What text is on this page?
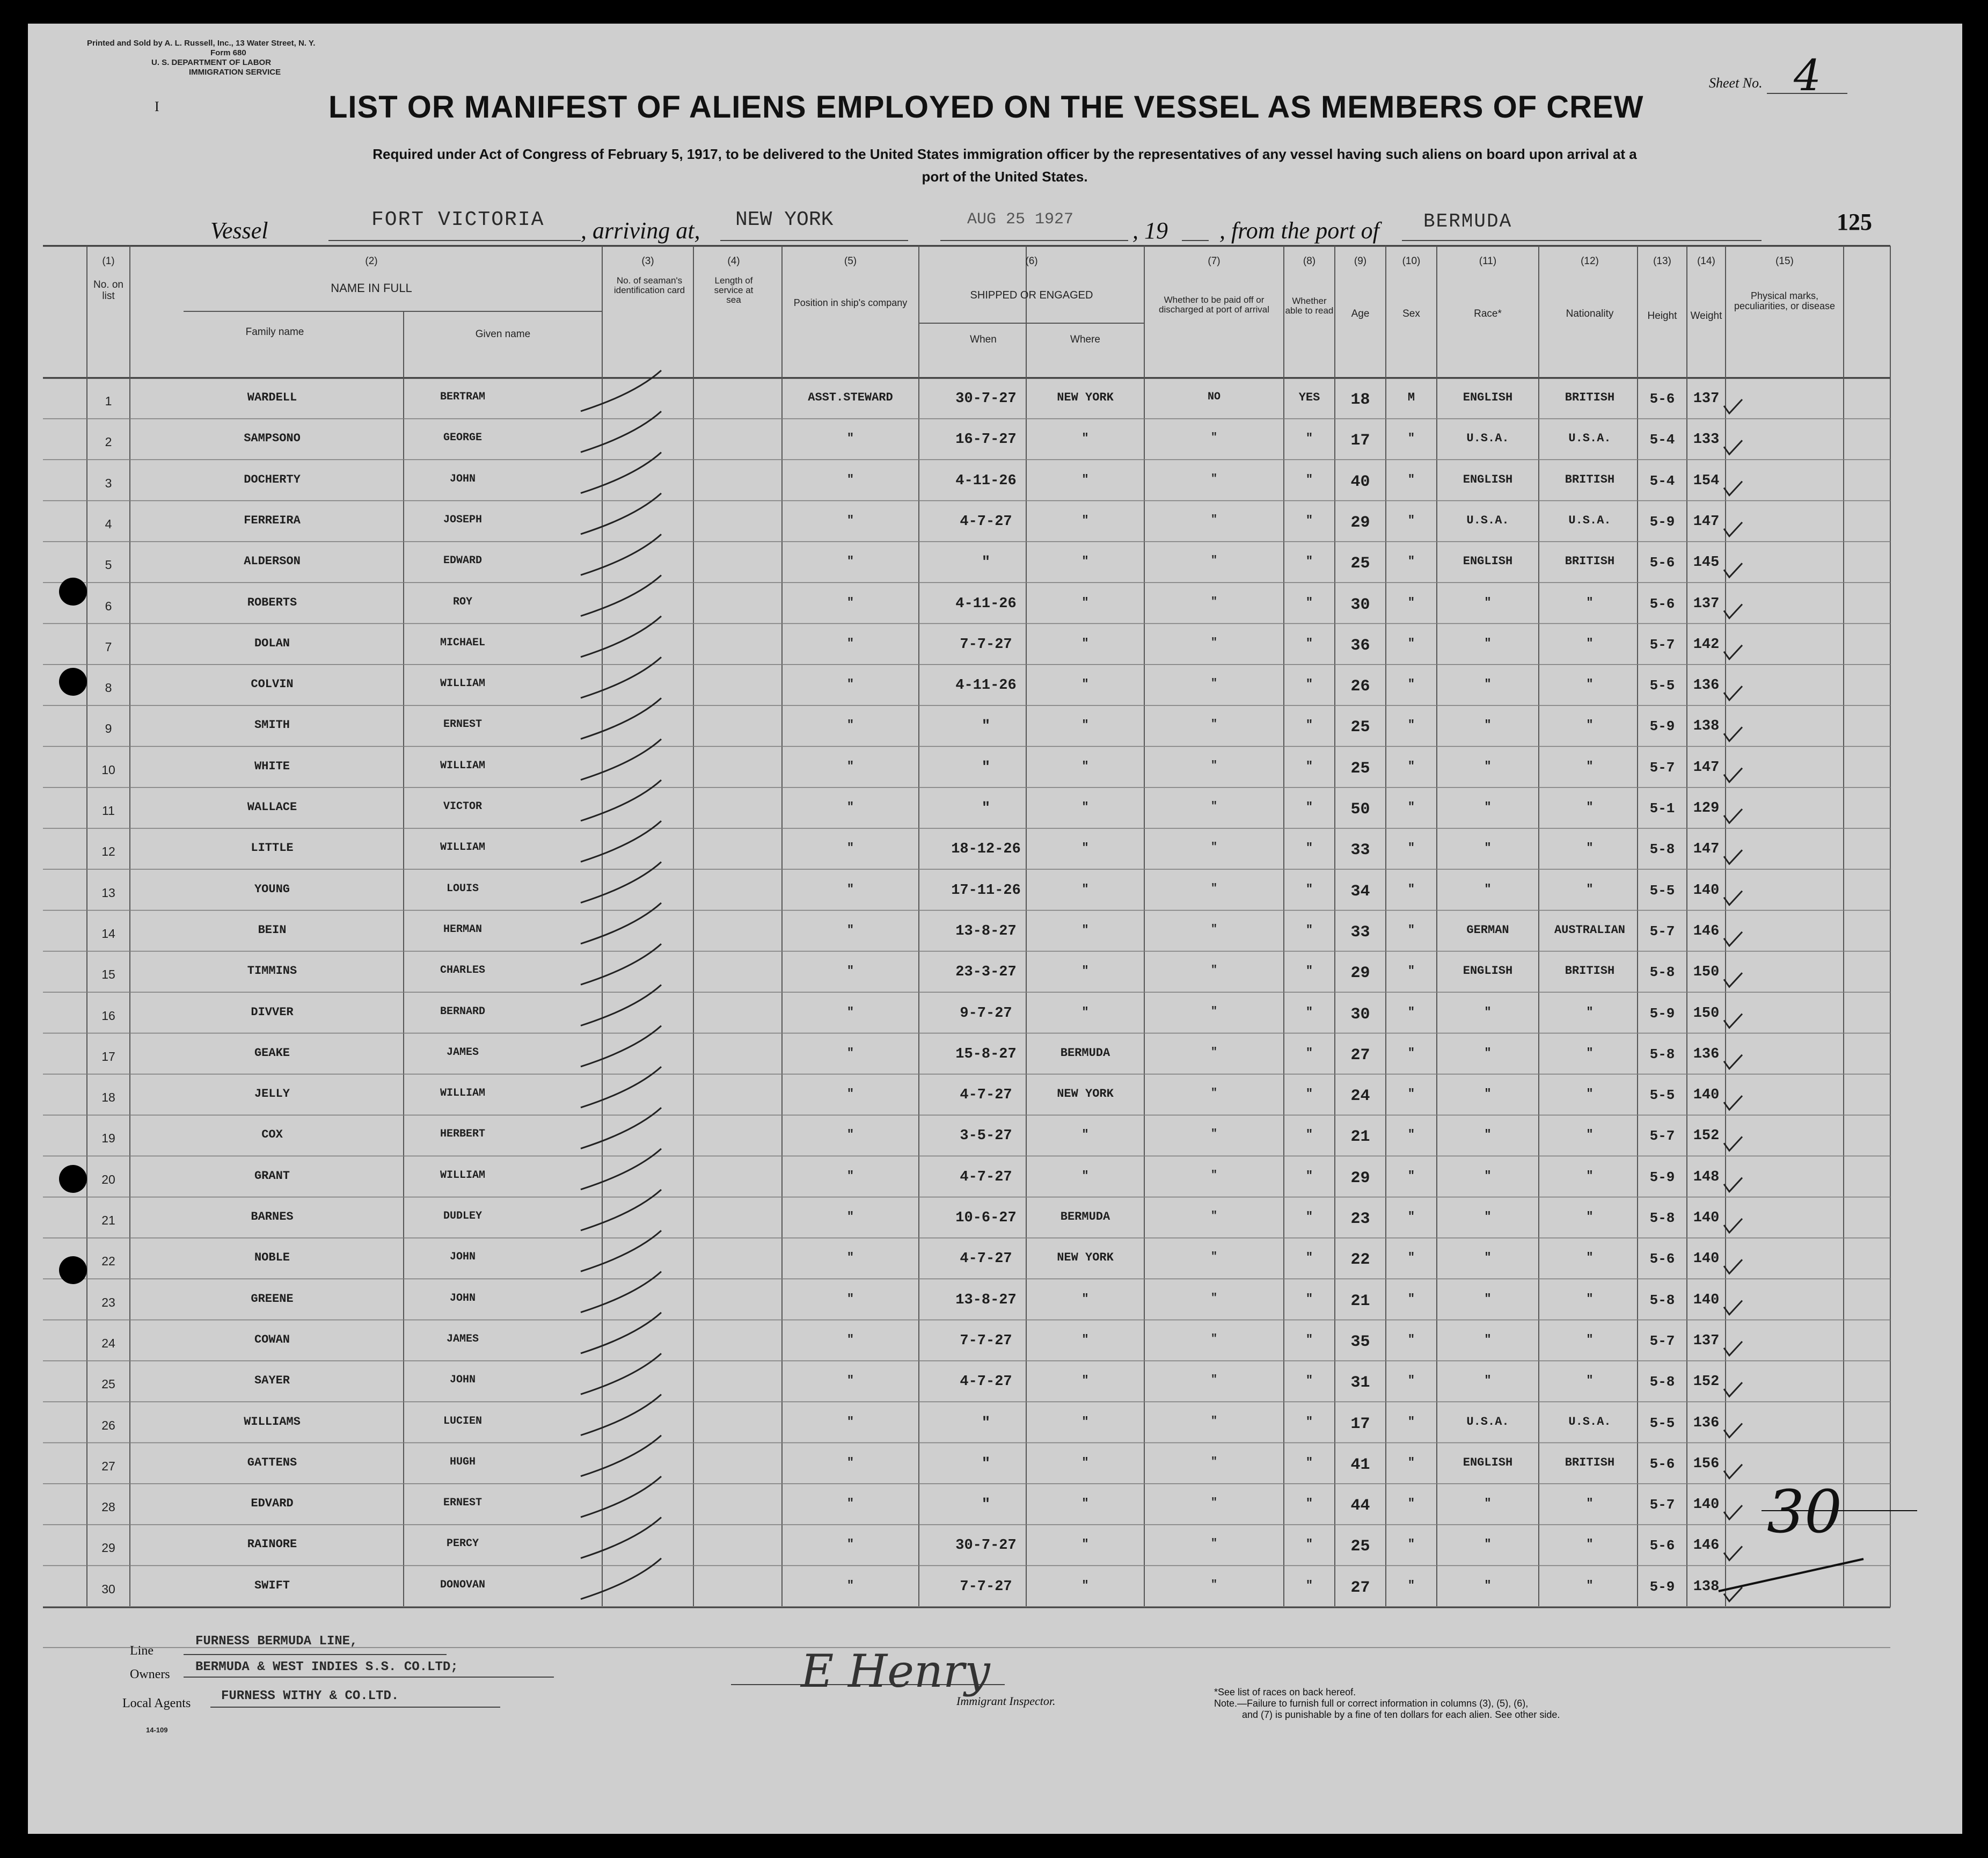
Printed and Sold by A. L. Russell, Inc., 13 Water Street, N. Y.
Form 680
U. S. DEPARTMENT OF LABOR
IMMIGRATION SERVICE
I	LIST OR MANIFEST OF ALIENS EMPLOYED ON THE VESSEL AS MEMBERS OF CREW
Required under Act of Congress of February 5, 1917, to be delivered to the United States immigration officer by the representatives of any vessel having such aliens on board upon arrival at a
port of the United States.
Sheet No. 4
Vessel	FORT VICTORIA , arriving at, NEW YORK	AUG 25 1927 , 19 , from the port of BERMUDA	125
(1)
No. on list
(2)
NAME IN FULL
Family name	Given name
(3)
No. of seaman's identification card
(4)
Length of service at sea
(5)
Position in ship's company
(6)
SHIPPED OR ENGAGED
When	Where
(7)
Whether to be paid off or discharged at port of arrival
(8)
Whether able to read
(9)
Age
(10)
Sex
(11)
Race*
(12)
Nationality
(13)
Height
(14)
Weight
(15)
Physical marks, peculiarities, or disease
1	WARDELL	BERTRAM	ASST.STEWARD	30-7-27	NEW YORK	NO	YES	18	M	ENGLISH	BRITISH	5-6	137
2	SAMPSONO	GEORGE	"	16-7-27	"	"	"	17	"	U.S.A.	U.S.A.	5-4	133
3	DOCHERTY	JOHN	"	4-11-26	"	"	"	40	"	ENGLISH	BRITISH	5-4	154
4	FERREIRA	JOSEPH	"	4-7-27	"	"	"	29	"	U.S.A.	U.S.A.	5-9	147
5	ALDERSON	EDWARD	"	"	"	"	"	25	"	ENGLISH	BRITISH	5-6	145
6	ROBERTS	ROY	"	4-11-26	"	"	"	30	"	"	"	5-6	137
7	DOLAN	MICHAEL	"	7-7-27	"	"	"	36	"	"	"	5-7	142
8	COLVIN	WILLIAM	"	4-11-26	"	"	"	26	"	"	"	5-5	136
9	SMITH	ERNEST	"	"	"	"	"	25	"	"	"	5-9	138
10	WHITE	WILLIAM	"	"	"	"	"	25	"	"	"	5-7	147
11	WALLACE	VICTOR	"	"	"	"	"	50	"	"	"	5-1	129
12	LITTLE	WILLIAM	"	18-12-26	"	"	"	33	"	"	"	5-8	147
13	YOUNG	LOUIS	"	17-11-26	"	"	"	34	"	"	"	5-5	140
14	BEIN	HERMAN	"	13-8-27	"	"	"	33	"	GERMAN	AUSTRALIAN	5-7	146
15	TIMMINS	CHARLES	"	23-3-27	"	"	"	29	"	ENGLISH	BRITISH	5-8	150
16	DIVVER	BERNARD	"	9-7-27	"	"	"	30	"	"	"	5-9	150
17	GEAKE	JAMES	"	15-8-27	BERMUDA	"	"	27	"	"	"	5-8	136
18	JELLY	WILLIAM	"	4-7-27	NEW YORK	"	"	24	"	"	"	5-5	140
19	COX	HERBERT	"	3-5-27	"	"	"	21	"	"	"	5-7	152
20	GRANT	WILLIAM	"	4-7-27	"	"	"	29	"	"	"	5-9	148
21	BARNES	DUDLEY	"	10-6-27	BERMUDA	"	"	23	"	"	"	5-8	140
22	NOBLE	JOHN	"	4-7-27	NEW YORK	"	"	22	"	"	"	5-6	140
23	GREENE	JOHN	"	13-8-27	"	"	"	21	"	"	"	5-8	140
24	COWAN	JAMES	"	7-7-27	"	"	"	35	"	"	"	5-7	137
25	SAYER	JOHN	"	4-7-27	"	"	"	31	"	"	"	5-8	152
26	WILLIAMS	LUCIEN	"	"	"	"	"	17	"	U.S.A.	U.S.A.	5-5	136
27	GATTENS	HUGH	"	"	"	"	"	41	"	ENGLISH	BRITISH	5-6	156
28	EDVARD	ERNEST	"	"	"	"	"	44	"	"	"	5-7	140
29	RAINORE	PERCY	"	30-7-27	"	"	"	25	"	"	"	5-6	146
30	SWIFT	DONOVAN	"	7-7-27	"	"	"	27	"	"	"	5-9	138
30
Line
FURNESS BERMUDA LINE,
Owners BERMUDA & WEST INDIES S.S. CO.LTD;
Local Agents FURNESS WITHY & CO.LTD.
14-109
E Henry
Immigrant Inspector.
*See list of races on back hereof.
Note.—Failure to furnish full or correct information in columns (3), (5), (6),
and (7) is punishable by a fine of ten dollars for each alien. See other side.
